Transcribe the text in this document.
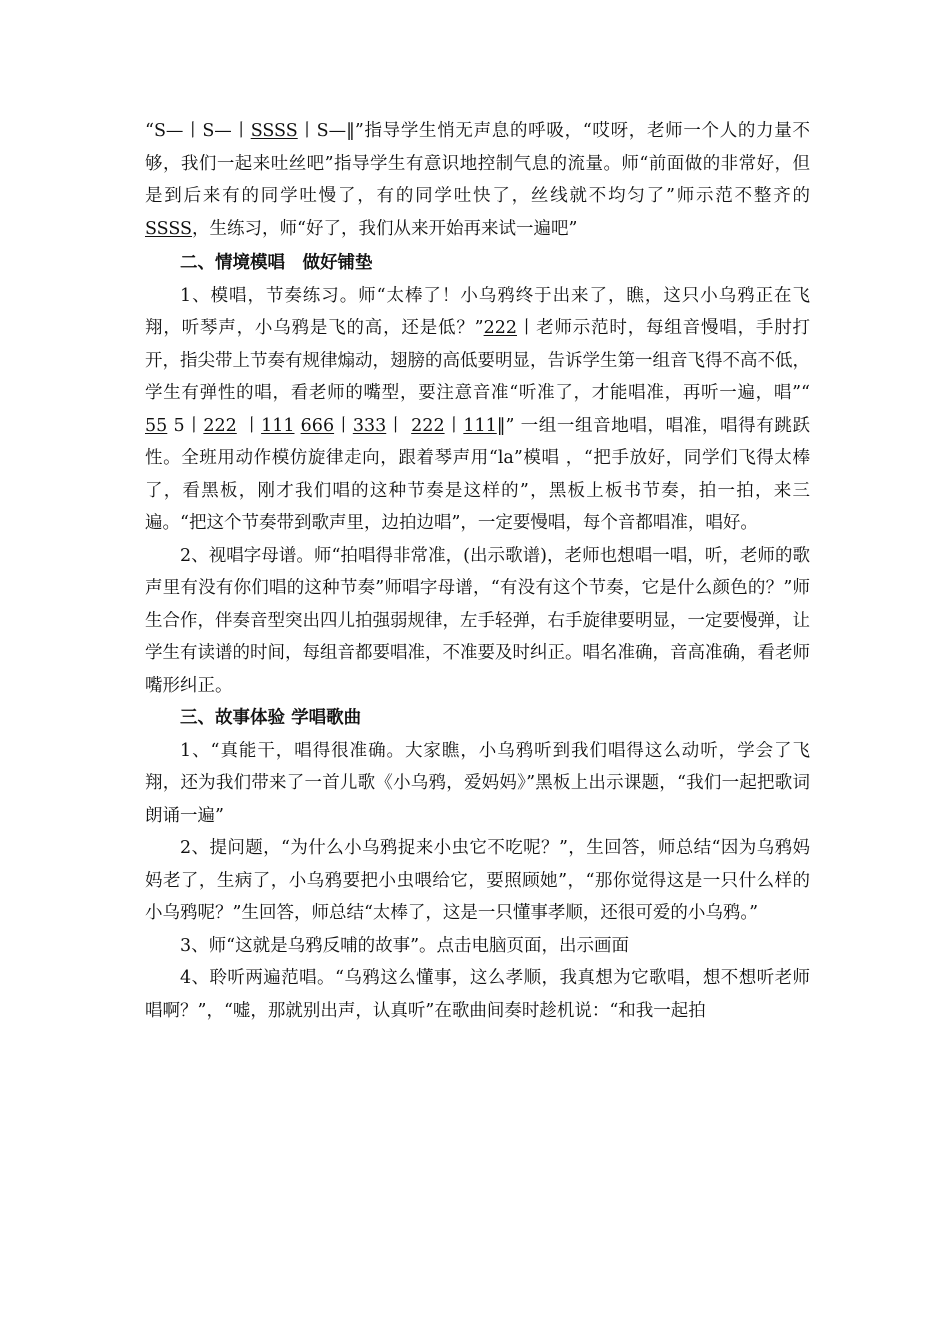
“S—丨S—丨SSSS丨S—‖”指导学生悄无声息的呼吸，“哎呀，老师一个人的力量不够，我们一起来吐丝吧”指导学生有意识地控制气息的流量。师“前面做的非常好，但是到后来有的同学吐慢了，有的同学吐快了，丝线就不均匀了”师示范不整齐的SSSS，生练习，师“好了，我们从来开始再来试一遍吧”

二、情境模唱　做好铺垫

1、模唱，节奏练习。师“太棒了！小乌鸦终于出来了，瞧，这只小乌鸦正在飞翔，听琴声，小乌鸦是飞的高，还是低？”222丨老师示范时，每组音慢唱，手肘打开，指尖带上节奏有规律煽动，翅膀的高低要明显，告诉学生第一组音飞得不高不低，学生有弹性的唱，看老师的嘴型，要注意音准“听准了，才能唱准，再听一遍，唱”“ 55 5丨222 丨111 666丨333丨 222丨111‖” 一组一组音地唱，唱准，唱得有跳跃性。全班用动作模仿旋律走向，跟着琴声用“la”模唱 ，“把手放好，同学们飞得太棒了，看黑板，刚才我们唱的这种节奏是这样的”，黑板上板书节奏，拍一拍，来三遍。“把这个节奏带到歌声里，边拍边唱”，一定要慢唱，每个音都唱准，唱好。

2、视唱字母谱。师“拍唱得非常准，(出示歌谱)，老师也想唱一唱，听，老师的歌声里有没有你们唱的这种节奏”师唱字母谱，“有没有这个节奏，它是什么颜色的？”师生合作，伴奏音型突出四儿拍强弱规律，左手轻弹，右手旋律要明显，一定要慢弹，让学生有读谱的时间，每组音都要唱准，不准要及时纠正。唱名准确，音高准确，看老师嘴形纠正。

三、故事体验 学唱歌曲

1、“真能干，唱得很准确。大家瞧，小乌鸦听到我们唱得这么动听，学会了飞翔，还为我们带来了一首儿歌《小乌鸦，爱妈妈》”黑板上出示课题，“我们一起把歌词朗诵一遍”

2、提问题，“为什么小乌鸦捉来小虫它不吃呢？”，生回答，师总结“因为乌鸦妈妈老了，生病了，小乌鸦要把小虫喂给它，要照顾她”，“那你觉得这是一只什么样的小乌鸦呢？”生回答，师总结“太棒了，这是一只懂事孝顺，还很可爱的小乌鸦。”

3、师“这就是乌鸦反哺的故事”。点击电脑页面，出示画面

4、聆听两遍范唱。“乌鸦这么懂事，这么孝顺，我真想为它歌唱，想不想听老师唱啊？”，“嘘，那就别出声，认真听”在歌曲间奏时趁机说：“和我一起拍
